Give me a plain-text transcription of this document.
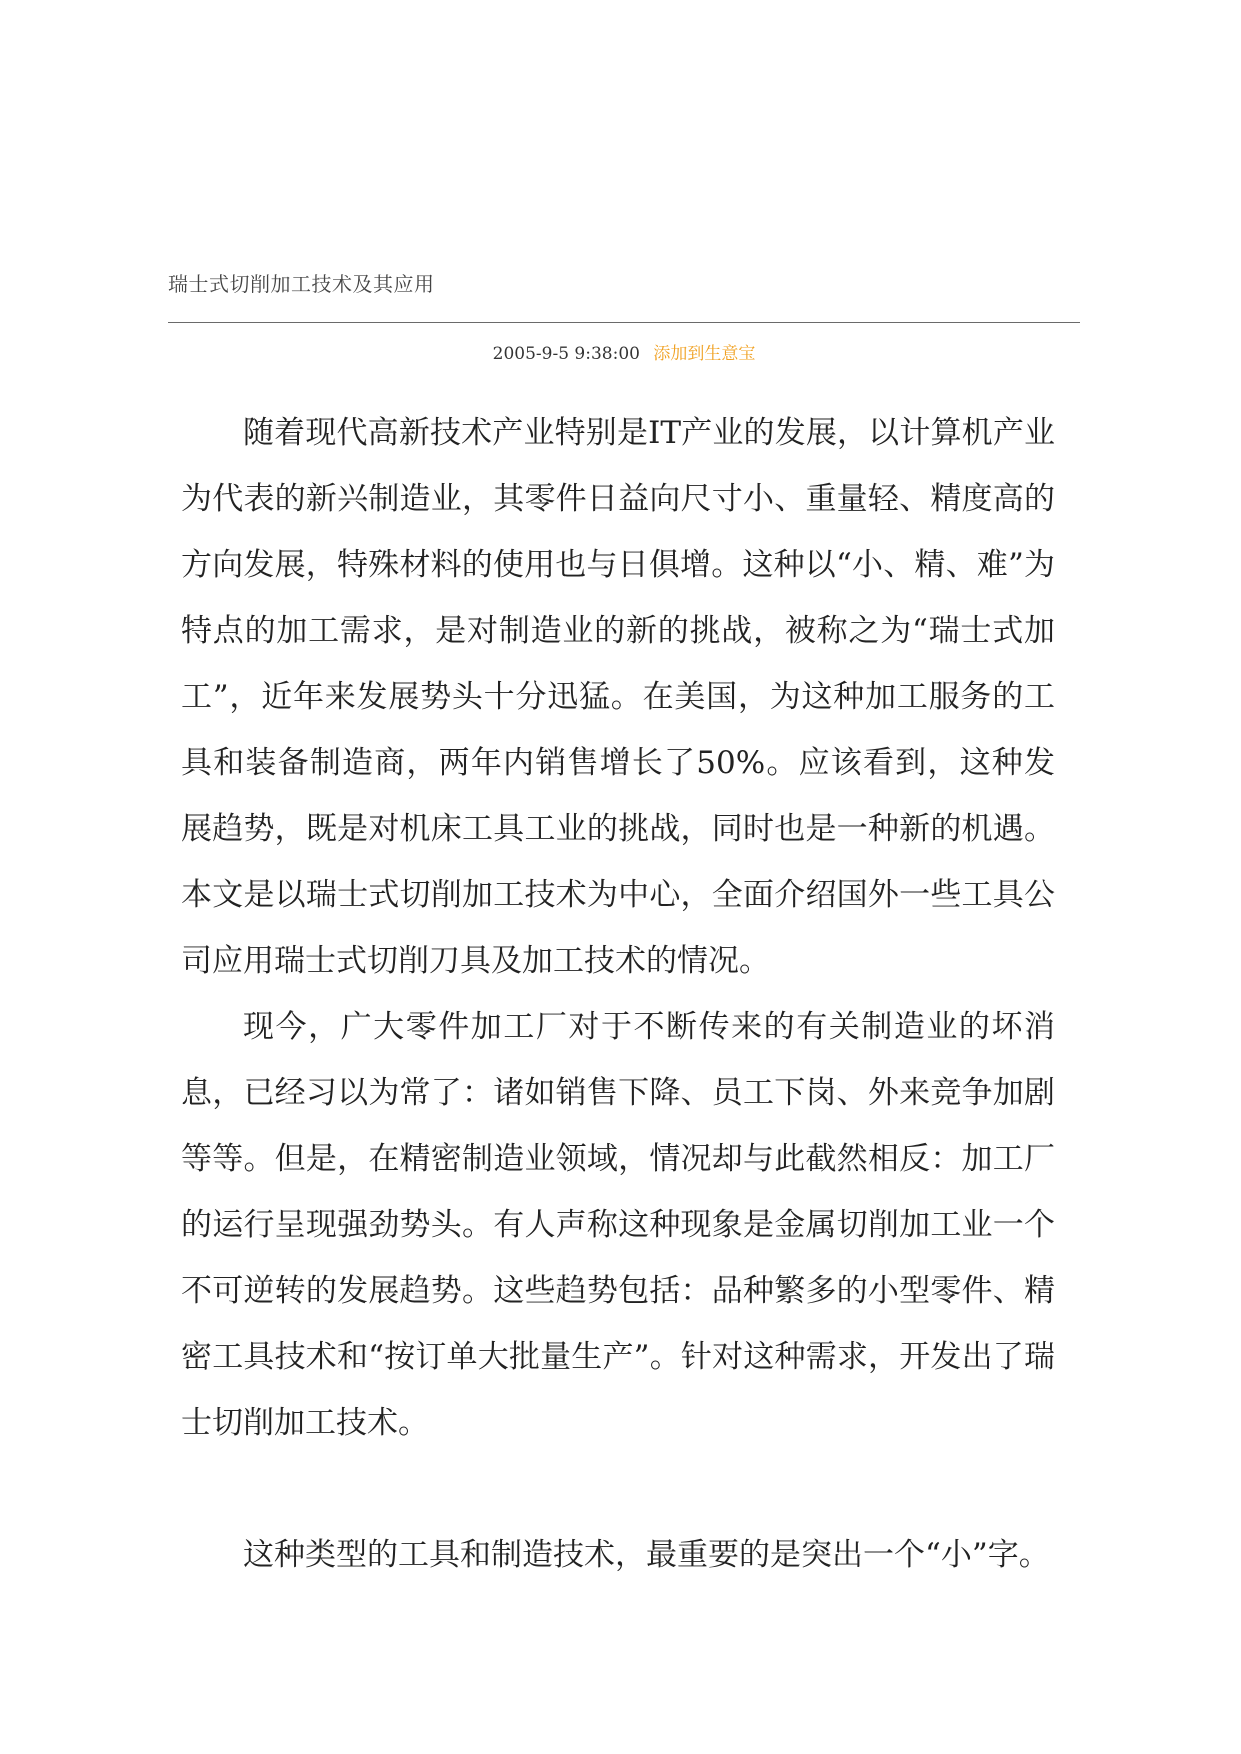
瑞士式切削加工技术及其应用
2005-9-5 9:38:00 添加到生意宝

随着现代高新技术产业特别是IT产业的发展，以计算机产业为代表的新兴制造业，其零件日益向尺寸小、重量轻、精度高的方向发展，特殊材料的使用也与日俱增。这种以“小、精、难”为特点的加工需求，是对制造业的新的挑战，被称之为“瑞士式加工”，近年来发展势头十分迅猛。在美国，为这种加工服务的工具和装备制造商，两年内销售增长了50%。应该看到，这种发展趋势，既是对机床工具工业的挑战，同时也是一种新的机遇。本文是以瑞士式切削加工技术为中心，全面介绍国外一些工具公司应用瑞士式切削刀具及加工技术的情况。

现今，广大零件加工厂对于不断传来的有关制造业的坏消息，已经习以为常了：诸如销售下降、员工下岗、外来竞争加剧等等。但是，在精密制造业领域，情况却与此截然相反：加工厂的运行呈现强劲势头。有人声称这种现象是金属切削加工业一个不可逆转的发展趋势。这些趋势包括：品种繁多的小型零件、精密工具技术和“按订单大批量生产”。针对这种需求，开发出了瑞士切削加工技术。

这种类型的工具和制造技术，最重要的是突出一个“小”字。
